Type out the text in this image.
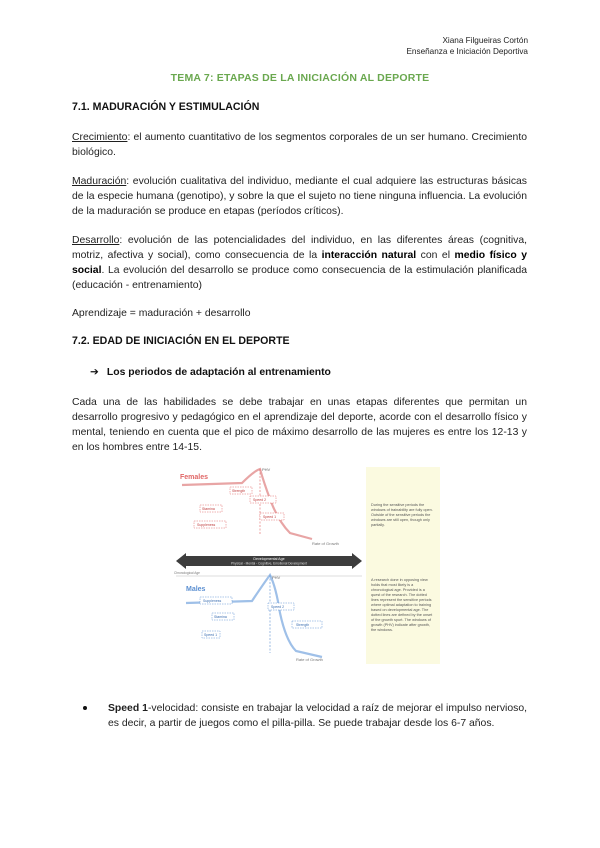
Xiana Filgueiras Cortón
Enseñanza e Iniciación Deportiva
TEMA 7: ETAPAS DE LA INICIACIÓN AL DEPORTE
7.1. MADURACIÓN Y ESTIMULACIÓN
Crecimiento: el aumento cuantitativo de los segmentos corporales de un ser humano. Crecimiento biológico.
Maduración: evolución cualitativa del individuo, mediante el cual adquiere las estructuras básicas de la especie humana (genotipo), y sobre la que el sujeto no tiene ninguna influencia. La evolución de la maduración se produce en etapas (períodos críticos).
Desarrollo: evolución de las potencialidades del individuo, en las diferentes áreas (cognitiva, motriz, afectiva y social), como consecuencia de la interacción natural con el medio físico y social. La evolución del desarrollo se produce como consecuencia de la estimulación planificada (educación - entrenamiento)
Aprendizaje = maduración + desarrollo
7.2. EDAD DE INICIACIÓN EN EL DEPORTE
➔ Los periodos de adaptación al entrenamiento
Cada una de las habilidades se debe trabajar en unas etapas diferentes que permitan un desarrollo progresivo y pedagógico en el aprendizaje del deporte, acorde con el desarrollo físico y mental, teniendo en cuenta que el pico de máximo desarrollo de las mujeres es entre los 12-13 y en los hombres entre 14-15.
Females
PHV
Strength
Speed 2
Stamina
Suppleness
Speed 1
Rate of Growth
Developmental Age
Physical - Mental - Cognitive, Emotional Development
Chronological Age
Males
PHV
Suppleness
Stamina
Speed 2
Speed 1
Strength
Rate of Growth
During the sensitive periods the windows of trainability are fully open. Outside of the sensitive periods the windows are still open, though only partially.
A research done in opposing view holds that most likely is a chronological age. Provided is a quest of the research. The dotted lines represent the sensitive periods where optimal adaptation to training based on developmental age. The dotted lines are defined by the onset of the growth spurt. The windows of growth (PHV) indicate after growth, the windows.
Speed 1-velocidad: consiste en trabajar la velocidad a raíz de mejorar el impulso nervioso, es decir, a partir de juegos como el pilla-pilla. Se puede trabajar desde los 6-7 años.
